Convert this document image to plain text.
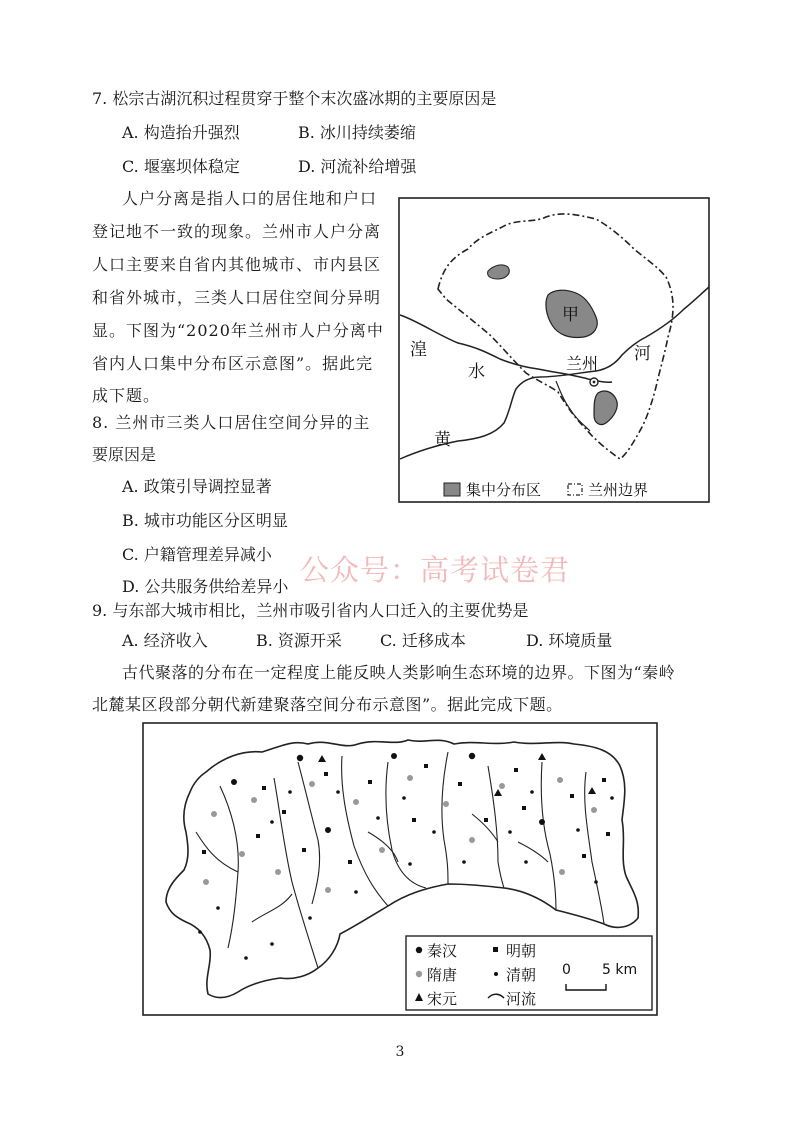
7. 松宗古湖沉积过程贯穿于整个末次盛冰期的主要原因是
A. 构造抬升强烈	B. 冰川持续萎缩
C. 堰塞坝体稳定	D. 河流补给增强
人户分离是指人口的居住地和户口
登记地不一致的现象。兰州市人户分离
人口主要来自省内其他城市、市内县区
和省外城市，三类人口居住空间分异明
显。下图为“2020年兰州市人户分离中
省内人口集中分布区示意图”。据此完
成下题。
8. 兰州市三类人口居住空间分异的主
要原因是
A. 政策引导调控显著
B. 城市功能区分区明显
C. 户籍管理差异减小
D. 公共服务供给差异小
甲
兰州
湟
水
河
黄
集中分布区	兰州边界
公众号：高考试卷君
9. 与东部大城市相比，兰州市吸引省内人口迁入的主要优势是
A. 经济收入	B. 资源开采 C. 迁移成本	D. 环境质量
古代聚落的分布在一定程度上能反映人类影响生态环境的边界。下图为“秦岭
北麓某区段部分朝代新建聚落空间分布示意图”。据此完成下题。
秦汉	明朝
隋唐	清朝
宋元	河流
0 5 km
3
